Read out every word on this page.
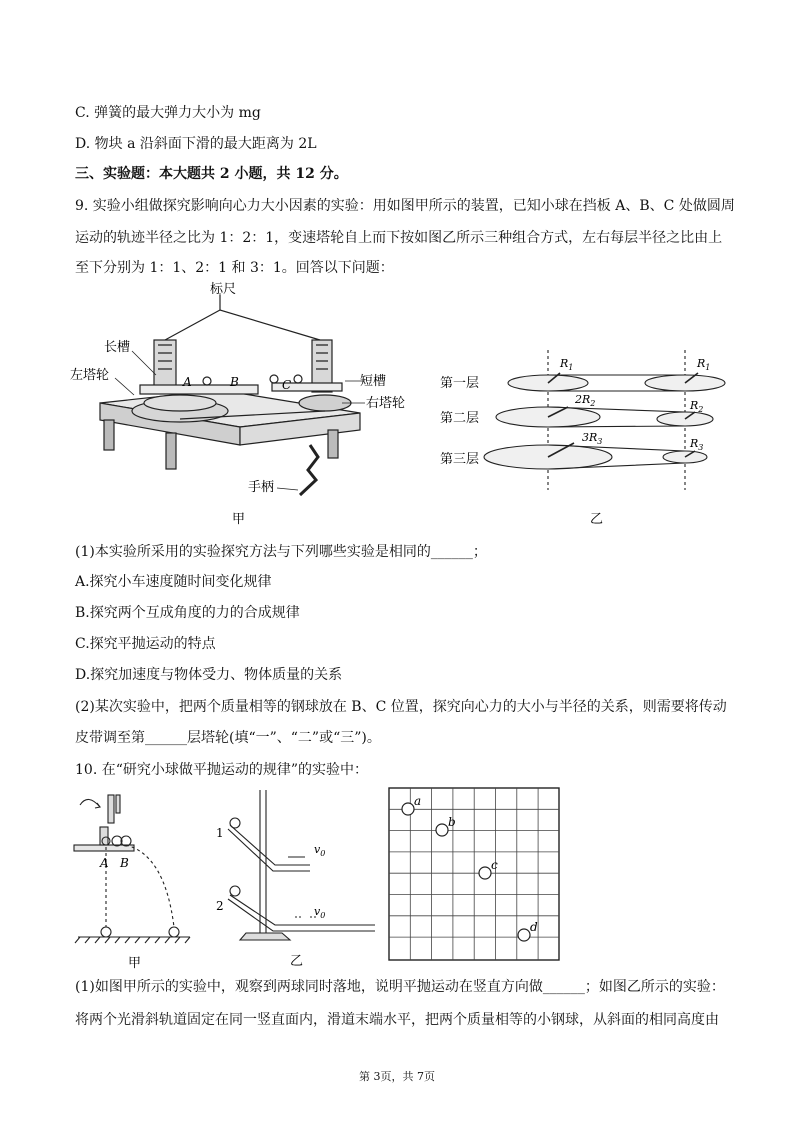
C. 弹簧的最大弹力大小为 mg
D. 物块 a 沿斜面下滑的最大距离为 2L
三、实验题：本大题共 2 小题，共 12 分。
9. 实验小组做探究影响向心力大小因素的实验：用如图甲所示的装置，已知小球在挡板 A、B、C 处做圆周
运动的轨迹半径之比为 1：2：1，变速塔轮自上而下按如图乙所示三种组合方式，左右每层半径之比由上
至下分别为 1：1、2：1 和 3：1。回答以下问题：
标尺
长槽
左塔轮	短槽
右塔轮
手柄
A	B	C
甲
第一层
第二层
第三层
$R_1$
$2R_2$
$3R_3$
$R_1$
$R_2$
$R_3$
乙
(1)本实验所采用的实验探究方法与下列哪些实验是相同的______；
A.探究小车速度随时间变化规律
B.探究两个互成角度的力的合成规律
C.探究平抛运动的特点
D.探究加速度与物体受力、物体质量的关系
(2)某次实验中，把两个质量相等的钢球放在 B、C 位置，探究向心力的大小与半径的关系，则需要将传动
皮带调至第______层塔轮(填“一”、“二”或“三”)。
10. 在“研究小球做平抛运动的规律”的实验中：
A B
甲
1
2
$v_0$
$v_0$
乙
a
b
c
d
(1)如图甲所示的实验中，观察到两球同时落地，说明平抛运动在竖直方向做______；如图乙所示的实验：
将两个光滑斜轨道固定在同一竖直面内，滑道末端水平，把两个质量相等的小钢球，从斜面的相同高度由
第 3页，共 7页
